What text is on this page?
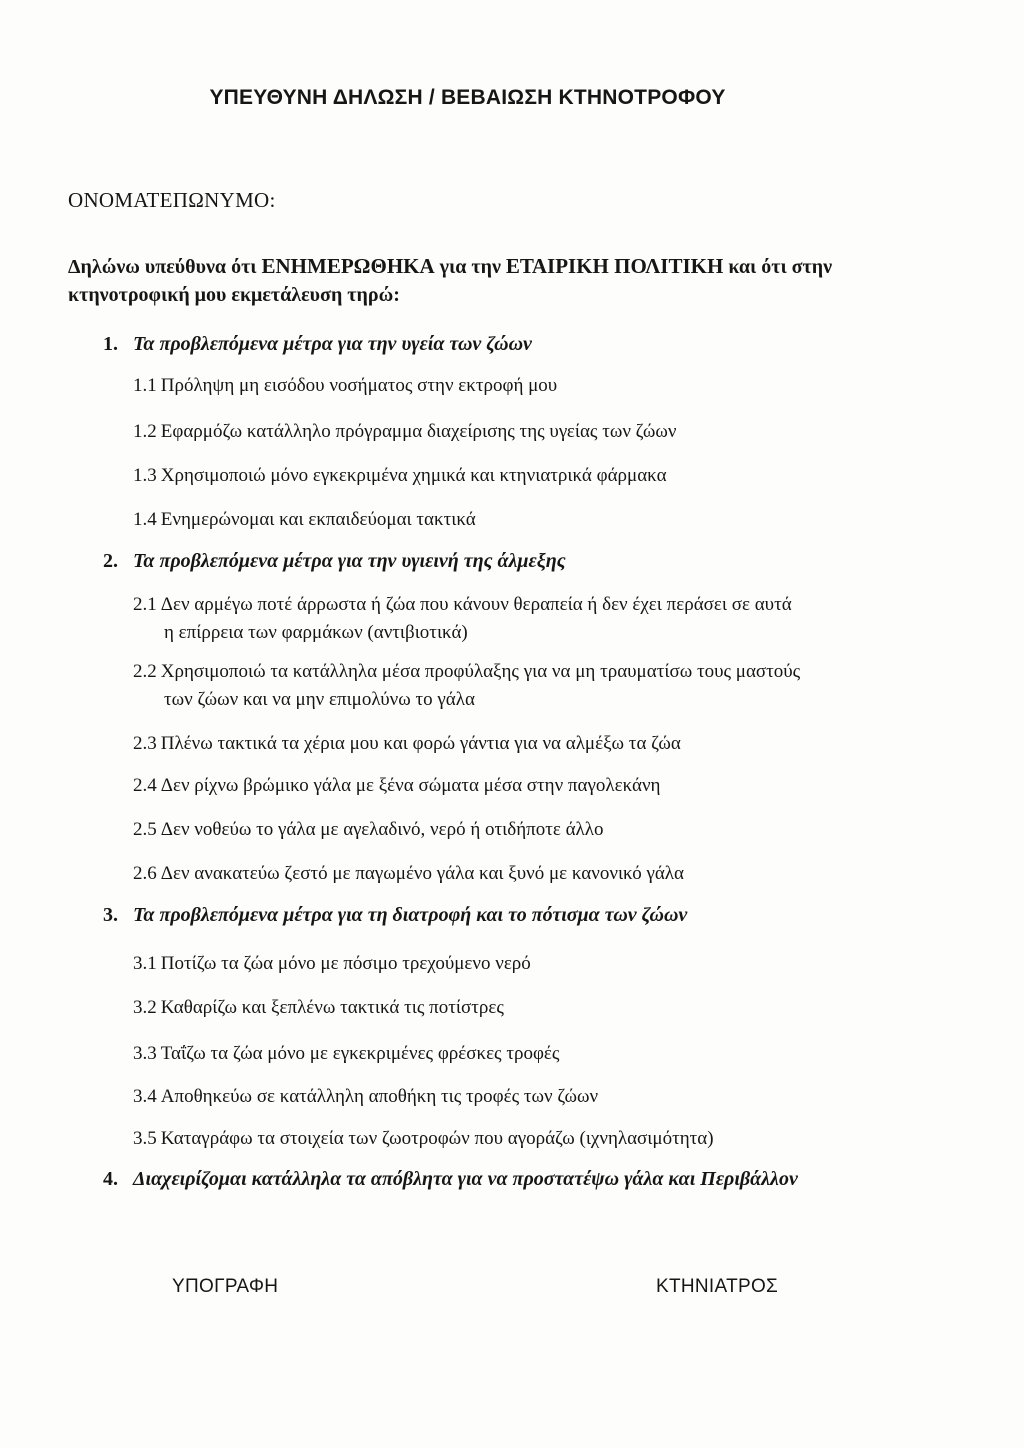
ΥΠΕΥΘΥΝΗ ΔΗΛΩΣΗ / ΒΕΒΑΙΩΣΗ ΚΤΗΝΟΤΡΟΦΟΥ
ΟΝΟΜΑΤΕΠΩΝΥΜΟ:
Δηλώνω υπεύθυνα ότι ΕΝΗΜΕΡΩΘΗΚΑ για την ΕΤΑΙΡΙΚΗ ΠΟΛΙΤΙΚΗ και ότι στην κτηνοτροφική μου εκμετάλευση τηρώ:
1. Τα προβλεπόμενα μέτρα για την υγεία των ζώων
1.1 Πρόληψη μη εισόδου νοσήματος στην εκτροφή μου
1.2 Εφαρμόζω κατάλληλο πρόγραμμα διαχείρισης της υγείας των ζώων
1.3 Χρησιμοποιώ μόνο εγκεκριμένα χημικά και κτηνιατρικά φάρμακα
1.4 Ενημερώνομαι και εκπαιδεύομαι τακτικά
2. Τα προβλεπόμενα μέτρα για την υγιεινή της άλμεξης
2.1 Δεν αρμέγω ποτέ άρρωστα ή ζώα που κάνουν θεραπεία ή δεν έχει περάσει σε αυτά
η επίρρεια των φαρμάκων (αντιβιοτικά)
2.2 Χρησιμοποιώ τα κατάλληλα μέσα προφύλαξης για να μη τραυματίσω τους μαστούς
των ζώων και να μην επιμολύνω το γάλα
2.3 Πλένω τακτικά τα χέρια μου και φορώ γάντια για να αλμέξω τα ζώα
2.4 Δεν ρίχνω βρώμικο γάλα με ξένα σώματα μέσα στην παγολεκάνη
2.5 Δεν νοθεύω το γάλα με αγελαδινό, νερό ή οτιδήποτε άλλο
2.6 Δεν ανακατεύω ζεστό με παγωμένο γάλα και ξυνό με κανονικό γάλα
3. Τα προβλεπόμενα μέτρα για τη διατροφή και το πότισμα των ζώων
3.1 Ποτίζω τα ζώα μόνο με πόσιμο τρεχούμενο νερό
3.2 Καθαρίζω και ξεπλένω τακτικά τις ποτίστρες
3.3 Ταΐζω τα ζώα μόνο με εγκεκριμένες φρέσκες τροφές
3.4 Αποθηκεύω σε κατάλληλη αποθήκη τις τροφές των ζώων
3.5 Καταγράφω τα στοιχεία των ζωοτροφών που αγοράζω (ιχνηλασιμότητα)
4. Διαχειρίζομαι κατάλληλα τα απόβλητα για να προστατέψω γάλα και Περιβάλλον
ΥΠΟΓΡΑΦΗ	ΚΤΗΝΙΑΤΡΟΣ
